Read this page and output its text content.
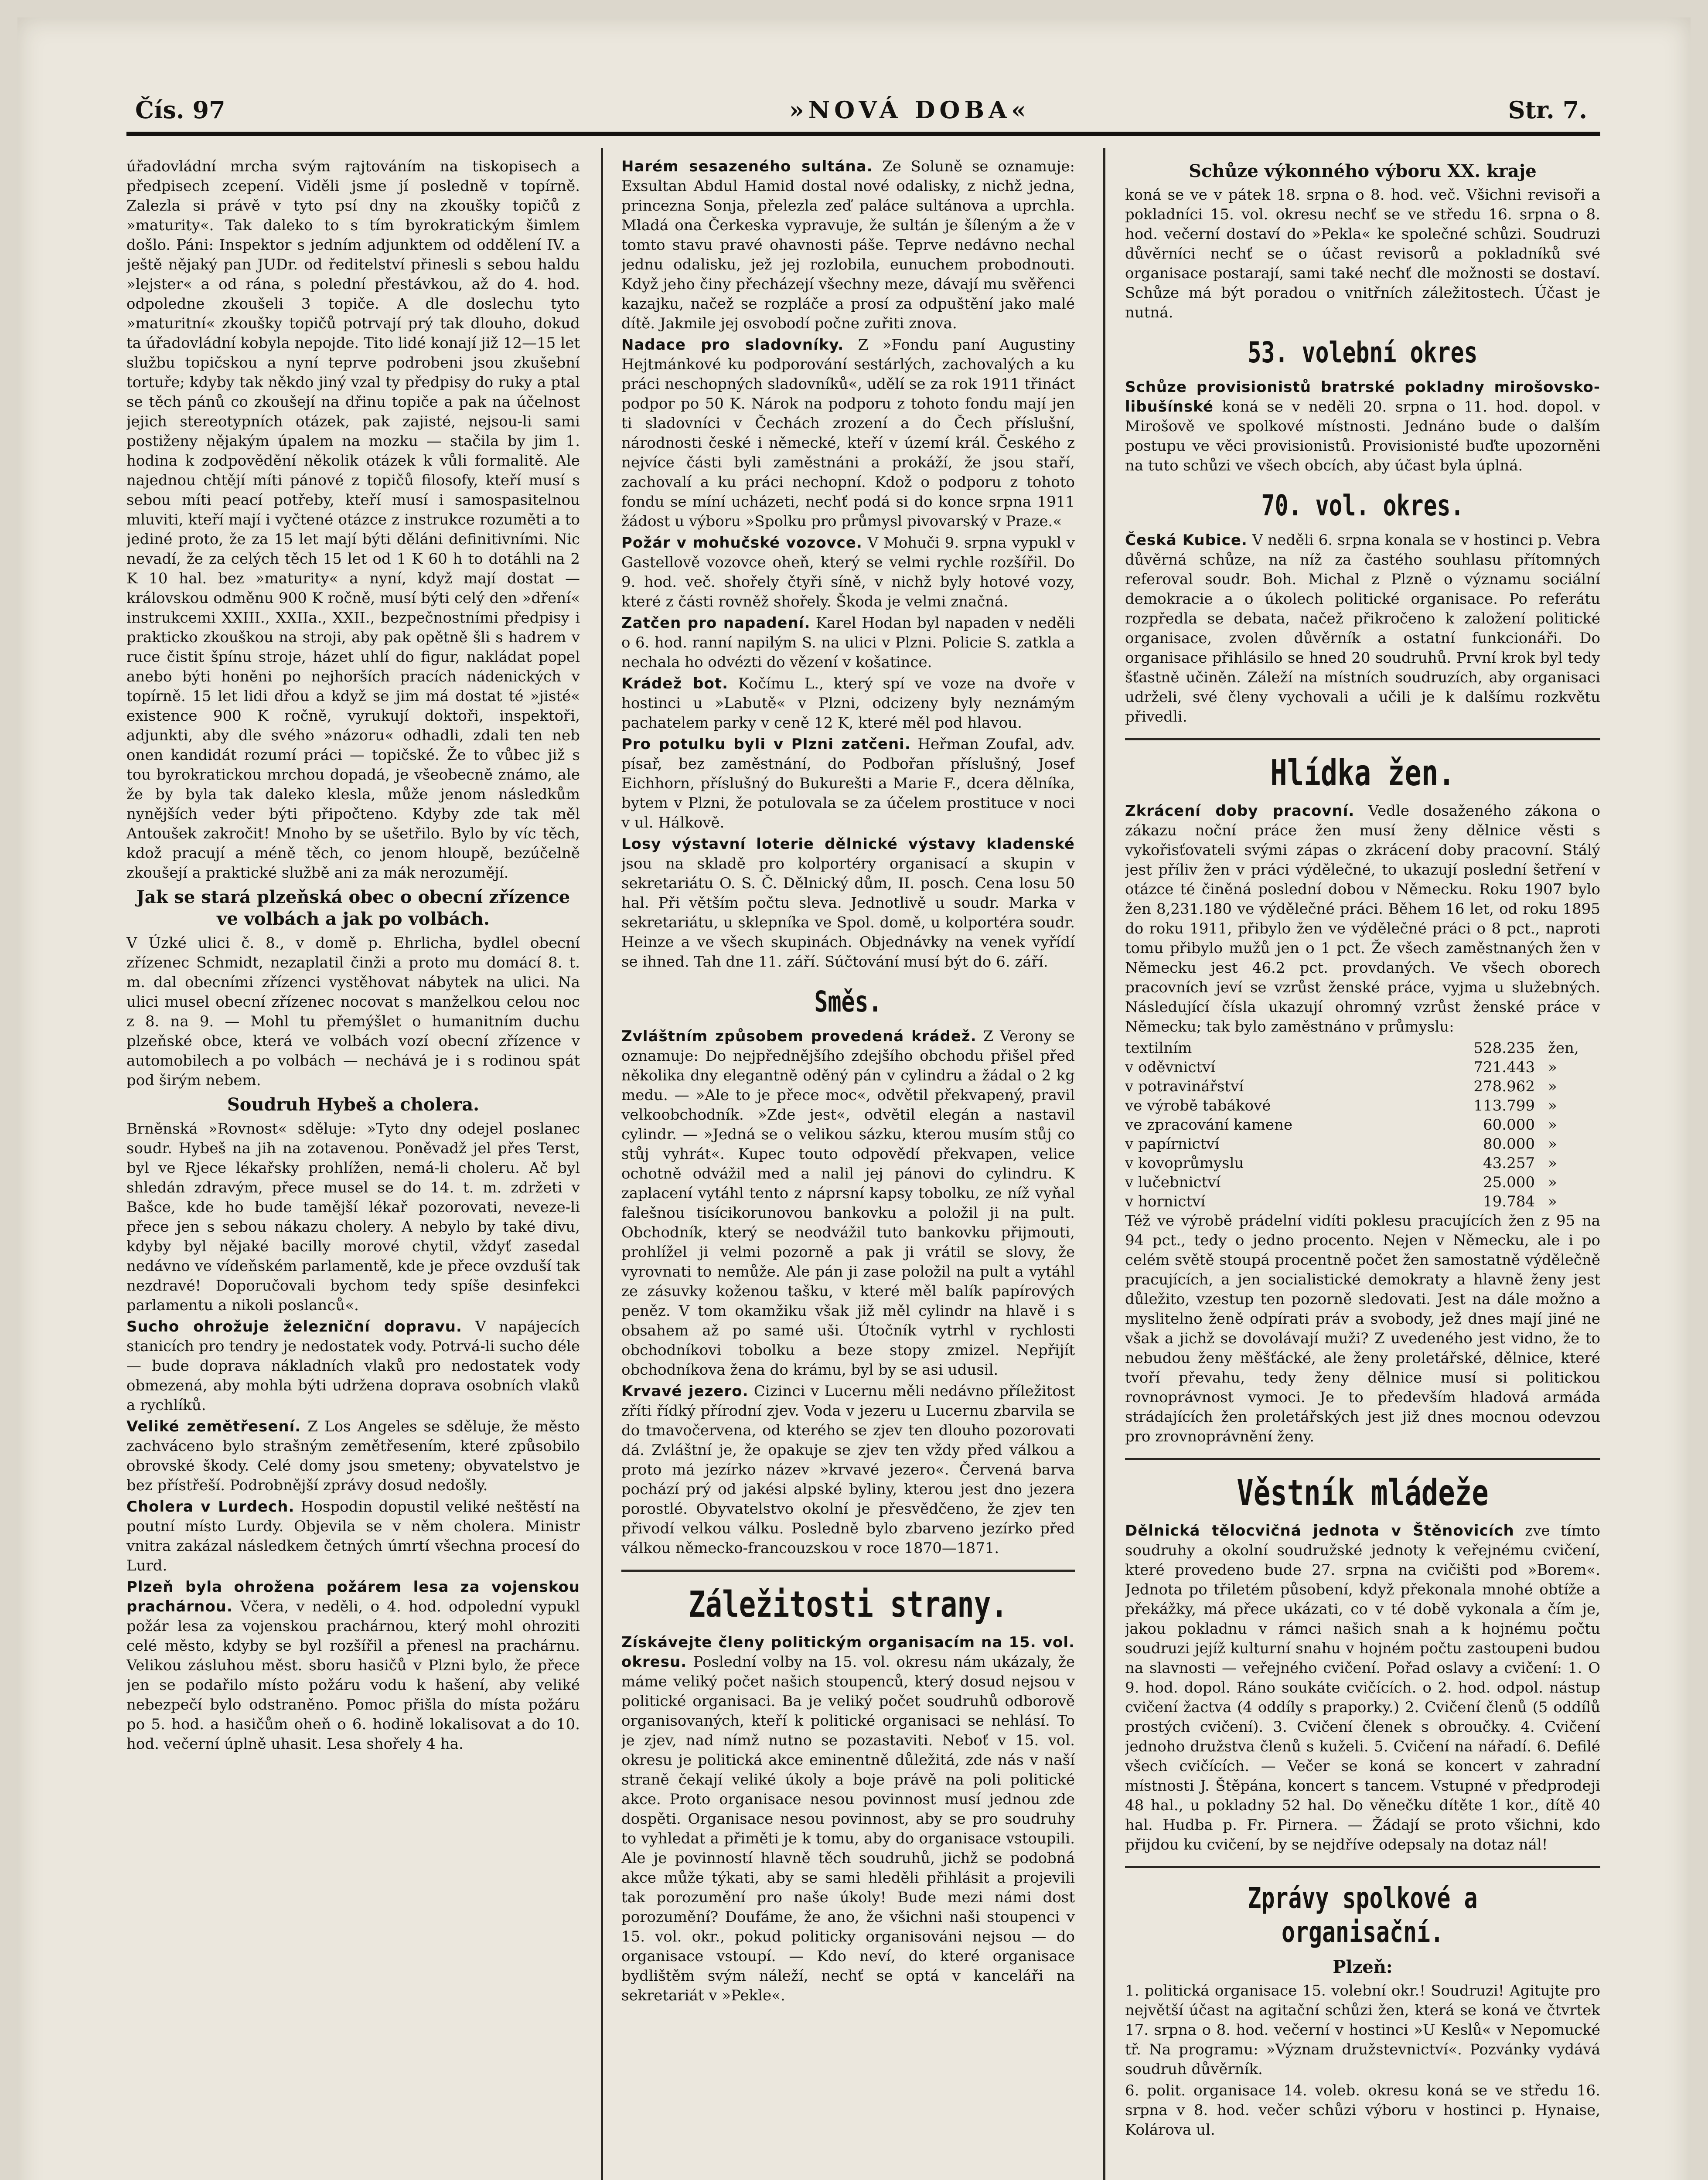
Čís. 97	»NOVÁ DOBA«	Str. 7.

úřadovládní mrcha svým rajtováním na tiskopisech a předpisech zcepení. Viděli jsme jí posledně v topírně. Zalezla si právě v tyto psí dny na zkoušky topičů z »maturity«. Tak daleko to s tím byrokratickým šimlem došlo. Páni: Inspektor s jedním adjunktem od oddělení IV. a ještě nějaký pan JUDr. od ředitelství přinesli s sebou haldu »lejster« a od rána, s polední přestávkou, až do 4. hod. odpoledne zkoušeli 3 topiče. A dle doslechu tyto »maturitní« zkoušky topičů potrvají prý tak dlouho, dokud ta úřadovládní kobyla nepojde. Tito lidé konají již 12—15 let službu topičskou a nyní teprve podrobeni jsou zkušební tortuře; kdyby tak někdo jiný vzal ty předpisy do ruky a ptal se těch pánů co zkoušejí na dřinu topiče a pak na účelnost jejich stereotypních otázek, pak zajisté, nejsou-li sami postiženy nějakým úpalem na mozku — stačila by jim 1. hodina k zodpovědění několik otázek k vůli formalitě. Ale najednou chtějí míti pánové z topičů filosofy, kteří musí s sebou míti peací potřeby, kteří musí i samospasitelnou mluviti, kteří mají i vyčtené otázce z instrukce rozuměti a to jediné proto, že za 15 let mají býti děláni definitivními. Nic nevadí, že za celých těch 15 let od 1 K 60 h to dotáhli na 2 K 10 hal. bez »maturity« a nyní, když mají dostat — královskou odměnu 900 K ročně, musí býti celý den »dření« instrukcemi XXIII., XXIIa., XXII., bezpečnostními předpisy i prakticko zkouškou na stroji, aby pak opětně šli s hadrem v ruce čistit špínu stroje, házet uhlí do figur, nakládat popel anebo býti honěni po nejhorších pracích nádenických v topírně. 15 let lidi dřou a když se jim má dostat té »jisté« existence 900 K ročně, vyrukují doktoři, inspektoři, adjunkti, aby dle svého »názoru« odhadli, zdali ten neb onen kandidát rozumí práci — topičské. Že to vůbec již s tou byrokratickou mrchou dopadá, je všeobecně známo, ale že by byla tak daleko klesla, může jenom následkům nynějších veder býti připočteno. Kdyby zde tak měl Antoušek zakročit! Mnoho by se ušetřilo. Bylo by víc těch, kdož pracují a méně těch, co jenom hloupě, bezúčelně zkoušejí a praktické službě ani za mák nerozumějí.

Jak se stará plzeňská obec o obecní zřízence ve volbách a jak po volbách.

V Úzké ulici č. 8., v domě p. Ehrlicha, bydlel obecní zřízenec Schmidt, nezaplatil činži a proto mu domácí 8. t. m. dal obecními zřízenci vystěhovat nábytek na ulici. Na ulici musel obecní zřízenec nocovat s manželkou celou noc z 8. na 9. — Mohl tu přemýšlet o humanitním duchu plzeňské obce, která ve volbách vozí obecní zřízence v automobilech a po volbách — nechává je i s rodinou spát pod širým nebem.

Soudruh Hybeš a cholera.

Brněnská »Rovnost« sděluje: »Tyto dny odejel poslanec soudr. Hybeš na jih na zotavenou. Poněvadž jel přes Terst, byl ve Rjece lékařsky prohlížen, nemá-li choleru. Ač byl shledán zdravým, přece musel se do 14. t. m. zdržeti v Bašce, kde ho bude tamější lékař pozorovati, neveze-li přece jen s sebou nákazu cholery. A nebylo by také divu, kdyby byl nějaké bacilly morové chytil, vždyť zasedal nedávno ve vídeňském parlamentě, kde je přece ovzduší tak nezdravé! Doporučovali bychom tedy spíše desinfekci parlamentu a nikoli poslanců«.

Sucho ohrožuje železniční dopravu. V napájecích stanicích pro tendry je nedostatek vody. Potrvá-li sucho déle — bude doprava nákladních vlaků pro nedostatek vody obmezená, aby mohla býti udržena doprava osobních vlaků a rychlíků.

Veliké zemětřesení. Z Los Angeles se sděluje, že město zachváceno bylo strašným zemětřesením, které způsobilo obrovské škody. Celé domy jsou smeteny; obyvatelstvo je bez přístřeší. Podrobnější zprávy dosud nedošly.

Cholera v Lurdech. Hospodin dopustil veliké neštěstí na poutní místo Lurdy. Objevila se v něm cholera. Ministr vnitra zakázal následkem četných úmrtí všechna procesí do Lurd.

Plzeň byla ohrožena požárem lesa za vojenskou prachárnou. Včera, v neděli, o 4. hod. odpolední vypukl požár lesa za vojenskou prachárnou, který mohl ohroziti celé město, kdyby se byl rozšířil a přenesl na prachárnu. Velikou zásluhou měst. sboru hasičů v Plzni bylo, že přece jen se podařilo místo požáru vodu k hašení, aby veliké nebezpečí bylo odstraněno. Pomoc přišla do místa požáru po 5. hod. a hasičům oheň o 6. hodině lokalisovat a do 10. hod. večerní úplně uhasit. Lesa shořely 4 ha.

Harém sesazeného sultána. Ze Soluně se oznamuje: Exsultan Abdul Hamid dostal nové odalisky, z nichž jedna, princezna Sonja, přelezla zeď paláce sultánova a uprchla. Mladá ona Čerkeska vypravuje, že sultán je šíleným a že v tomto stavu pravé ohavnosti páše. Teprve nedávno nechal jednu odalisku, jež jej rozlobila, eunuchem probodnouti. Když jeho činy přecházejí všechny meze, dávají mu svěřenci kazajku, načež se rozpláče a prosí za odpuštění jako malé dítě. Jakmile jej osvobodí počne zuřiti znova.

Nadace pro sladovníky. Z »Fondu paní Augustiny Hejtmánkové ku podporování sestárlých, zachovalých a ku práci neschopných sladovníků«, udělí se za rok 1911 třináct podpor po 50 K. Nárok na podporu z tohoto fondu mají jen ti sladovníci v Čechách zrození a do Čech příslušní, národnosti české i německé, kteří v území král. Českého z nejvíce části byli zaměstnáni a prokáží, že jsou staří, zachovalí a ku práci nechopní. Kdož o podporu z tohoto fondu se míní ucházeti, nechť podá si do konce srpna 1911 žádost u výboru »Spolku pro průmysl pivovarský v Praze.«

Požár v mohučské vozovce. V Mohuči 9. srpna vypukl v Gastellově vozovce oheň, který se velmi rychle rozšířil. Do 9. hod. več. shořely čtyři síně, v nichž byly hotové vozy, které z části rovněž shořely. Škoda je velmi značná.

Zatčen pro napadení. Karel Hodan byl napaden v neděli o 6. hod. ranní napilým S. na ulici v Plzni. Policie S. zatkla a nechala ho odvézti do vězení v košatince.

Krádež bot. Kočímu L., který spí ve voze na dvoře v hostinci u »Labutě« v Plzni, odcizeny byly neznámým pachatelem parky v ceně 12 K, které měl pod hlavou.

Pro potulku byli v Plzni zatčeni. Heřman Zoufal, adv. písař, bez zaměstnání, do Podbořan příslušný, Josef Eichhorn, příslušný do Bukurešti a Marie F., dcera dělníka, bytem v Plzni, že potulovala se za účelem prostituce v noci v ul. Hálkově.

Losy výstavní loterie dělnické výstavy kladenské jsou na skladě pro kolportéry organisací a skupin v sekretariátu O. S. Č. Dělnický dům, II. posch. Cena losu 50 hal. Při větším počtu sleva. Jednotlivě u soudr. Marka v sekretariátu, u sklepníka ve Spol. domě, u kolportéra soudr. Heinze a ve všech skupinách. Objednávky na venek vyřídí se ihned. Tah dne 11. září. Súčtování musí být do 6. září.

Směs.

Zvláštním způsobem provedená krádež. Z Verony se oznamuje: Do nejpřednějšího zdejšího obchodu přišel před několika dny elegantně oděný pán v cylindru a žádal o 2 kg medu. — »Ale to je přece moc«, odvětil překvapený, pravil velkoobchodník. »Zde jest«, odvětil elegán a nastavil cylindr. — »Jedná se o velikou sázku, kterou musím stůj co stůj vyhrát«. Kupec touto odpovědí překvapen, velice ochotně odvážil med a nalil jej pánovi do cylindru. K zaplacení vytáhl tento z náprsní kapsy tobolku, ze níž vyňal falešnou tisícikorunovou bankovku a položil ji na pult. Obchodník, který se neodvážil tuto bankovku přijmouti, prohlížel ji velmi pozorně a pak ji vrátil se slovy, že vyrovnati to nemůže. Ale pán ji zase položil na pult a vytáhl ze zásuvky koženou tašku, v které měl balík papírových peněz. V tom okamžiku však již měl cylindr na hlavě i s obsahem až po samé uši. Útočník vytrhl v rychlosti obchodníkovi tobolku a beze stopy zmizel. Nepřijít obchodníkova žena do krámu, byl by se asi udusil.

Krvavé jezero. Cizinci v Lucernu měli nedávno příležitost zříti řídký přírodní zjev. Voda v jezeru u Lucernu zbarvila se do tmavočervena, od kterého se zjev ten dlouho pozorovati dá. Zvláštní je, že opakuje se zjev ten vždy před válkou a proto má jezírko název »krvavé jezero«. Červená barva pochází prý od jakési alpské byliny, kterou jest dno jezera porostlé. Obyvatelstvo okolní je přesvědčeno, že zjev ten přivodí velkou válku. Posledně bylo zbarveno jezírko před válkou německo-francouzskou v roce 1870—1871.

Záležitosti strany.

Získávejte členy politickým organisacím na 15. vol. okresu. Poslední volby na 15. vol. okresu nám ukázaly, že máme veliký počet našich stoupenců, který dosud nejsou v politické organisaci. Ba je veliký počet soudruhů odborově organisovaných, kteří k politické organisaci se nehlásí. To je zjev, nad nímž nutno se pozastaviti. Neboť v 15. vol. okresu je politická akce eminentně důležitá, zde nás v naší straně čekají veliké úkoly a boje právě na poli politické akce. Proto organisace nesou povinnost musí jednou zde dospěti. Organisace nesou povinnost, aby se pro soudruhy to vyhledat a přiměti je k tomu, aby do organisace vstoupili. Ale je povinností hlavně těch soudruhů, jichž se podobná akce může týkati, aby se sami hleděli přihlásit a projevili tak porozumění pro naše úkoly! Bude mezi námi dost porozumění? Doufáme, že ano, že všichni naši stoupenci v 15. vol. okr., pokud politicky organisováni nejsou — do organisace vstoupí. — Kdo neví, do které organisace bydlištěm svým náleží, nechť se optá v kanceláři na sekretariát v »Pekle«.

Schůze výkonného výboru XX. kraje

koná se ve v pátek 18. srpna o 8. hod. več. Všichni revisoři a pokladníci 15. vol. okresu nechť se ve středu 16. srpna o 8. hod. večerní dostaví do »Pekla« ke společné schůzi. Soudruzi důvěrníci nechť se o účast revisorů a pokladníků své organisace postarají, sami také nechť dle možnosti se dostaví. Schůze má být poradou o vnitřních záležitostech. Účast je nutná.

53. volební okres

Schůze provisionistů bratrské pokladny mirošovsko-libušínské koná se v neděli 20. srpna o 11. hod. dopol. v Mirošově ve spolkové místnosti. Jednáno bude o dalším postupu ve věci provisionistů. Provisionisté buďte upozorněni na tuto schůzi ve všech obcích, aby účast byla úplná.

70. vol. okres.

Česká Kubice. V neděli 6. srpna konala se v hostinci p. Vebra důvěrná schůze, na níž za častého souhlasu přítomných referoval soudr. Boh. Michal z Plzně o významu sociální demokracie a o úkolech politické organisace. Po referátu rozpředla se debata, načež přikročeno k založení politické organisace, zvolen důvěrník a ostatní funkcionáři. Do organisace přihlásilo se hned 20 soudruhů. První krok byl tedy šťastně učiněn. Záleží na místních soudruzích, aby organisaci udrželi, své členy vychovali a učili je k dalšímu rozkvětu přivedli.

Hlídka žen.

Zkrácení doby pracovní. Vedle dosaženého zákona o zákazu noční práce žen musí ženy dělnice věsti s vykořisťovateli svými zápas o zkrácení doby pracovní. Stálý jest příliv žen v práci výdělečné, to ukazují poslední šetření v otázce té činěná poslední dobou v Německu. Roku 1907 bylo žen 8,231.180 ve výdělečné práci. Během 16 let, od roku 1895 do roku 1911, přibylo žen ve výdělečné práci o 8 pct., naproti tomu přibylo mužů jen o 1 pct. Že všech zaměstnaných žen v Německu jest 46.2 pct. provdaných. Ve všech oborech pracovních jeví se vzrůst ženské práce, vyjma u služebných. Následující čísla ukazují ohromný vzrůst ženské práce v Německu; tak bylo zaměstnáno v průmyslu:

textilním	528.235	žen,
v oděvnictví	721.443	»
v potravinářství	278.962	»
ve výrobě tabákové	113.799	»
ve zpracování kamene	60.000	»
v papírnictví	80.000	»
v kovoprůmyslu	43.257	»
v lučebnictví	25.000	»
v hornictví	19.784	»

Též ve výrobě prádelní vidíti poklesu pracujících žen z 95 na 94 pct., tedy o jedno procento. Nejen v Německu, ale i po celém světě stoupá procentně počet žen samostatně výdělečně pracujících, a jen socialistické demokraty a hlavně ženy jest důležito, vzestup ten pozorně sledovati. Jest na dále možno a myslitelno ženě odpírati práv a svobody, jež dnes mají jiné ne však a jichž se dovolávají muži? Z uvedeného jest vidno, že to nebudou ženy měšťácké, ale ženy proletářské, dělnice, které tvoří převahu, tedy ženy dělnice musí si politickou rovnoprávnost vymoci. Je to především hladová armáda strádajících žen proletářských jest již dnes mocnou odevzou pro zrovnoprávnění ženy.

Věstník mládeže

Dělnická tělocvičná jednota v Štěnovicích zve tímto soudruhy a okolní soudružské jednoty k veřejnému cvičení, které provedeno bude 27. srpna na cvičišti pod »Borem«. Jednota po třiletém působení, když překonala mnohé obtíže a překážky, má přece ukázati, co v té době vykonala a čím je, jakou pokladnu v rámci našich snah a k hojnému počtu soudruzi jejíž kulturní snahu v hojném počtu zastoupeni budou na slavnosti — veřejného cvičení. Pořad oslavy a cvičení: 1. O 9. hod. dopol. Ráno soukáte cvičících. o 2. hod. odpol. nástup cvičení žactva (4 oddíly s praporky.) 2. Cvičení členů (5 oddílů prostých cvičení). 3. Cvičení členek s obroučky. 4. Cvičení jednoho družstva členů s kuželi. 5. Cvičení na nářadí. 6. Defilé všech cvičících. — Večer se koná se koncert v zahradní místnosti J. Štěpána, koncert s tancem. Vstupné v předprodeji 48 hal., u pokladny 52 hal. Do věnečku dítěte 1 kor., dítě 40 hal. Hudba p. Fr. Pirnera. — Žádají se proto všichni, kdo přijdou ku cvičení, by se nejdříve odepsaly na dotaz nál!

Zprávy spolkové a organisační.
Plzeň:

1. politická organisace 15. volební okr.! Soudruzi! Agitujte pro největší účast na agitační schůzi žen, která se koná ve čtvrtek 17. srpna o 8. hod. večerní v hostinci »U Keslů« v Nepomucké tř. Na programu: »Význam družstevnictví«. Pozvánky vydává soudruh důvěrník.

6. polit. organisace 14. voleb. okresu koná se ve středu 16. srpna v 8. hod. večer schůzi výboru v hostinci p. Hynaise, Kolárova ul.
